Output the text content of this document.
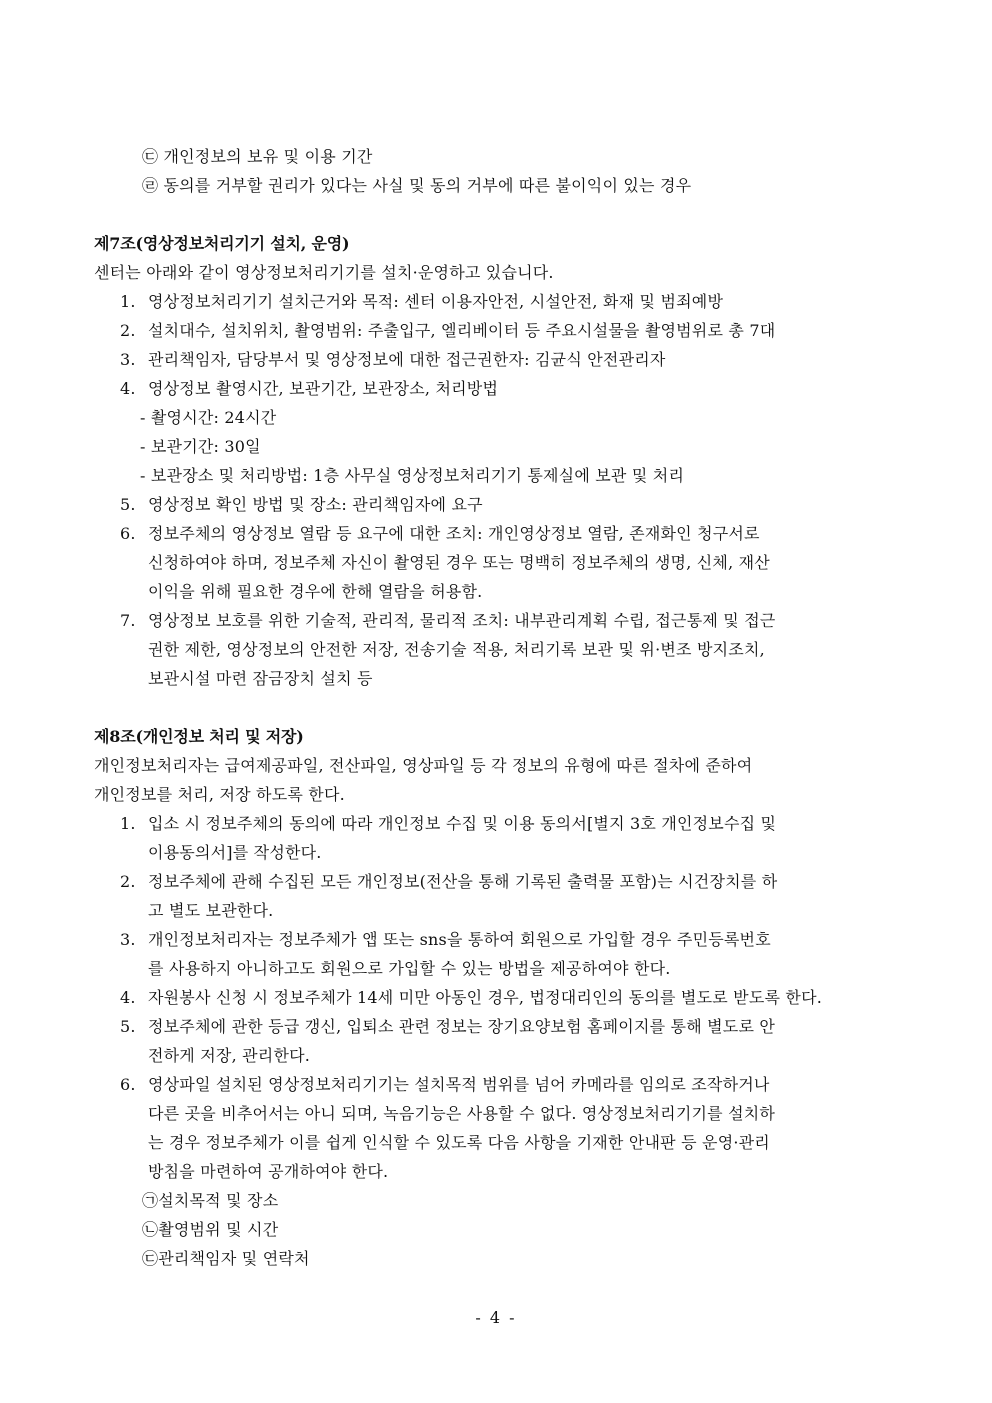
㉢ 개인정보의 보유 및 이용 기간
㉣ 동의를 거부할 권리가 있다는 사실 및 동의 거부에 따른 불이익이 있는 경우
제7조(영상정보처리기기 설치, 운영)
센터는 아래와 같이 영상정보처리기기를 설치·운영하고 있습니다.
1. 영상정보처리기기 설치근거와 목적: 센터 이용자안전, 시설안전, 화재 및 범죄예방
2. 설치대수, 설치위치, 촬영범위: 주출입구, 엘리베이터 등 주요시설물을 촬영범위로 총 7대
3. 관리책임자, 담당부서 및 영상정보에 대한 접근권한자: 김균식 안전관리자
4. 영상정보 촬영시간, 보관기간, 보관장소, 처리방법
- 촬영시간: 24시간
- 보관기간: 30일
- 보관장소 및 처리방법: 1층 사무실 영상정보처리기기 통제실에 보관 및 처리
5. 영상정보 확인 방법 및 장소: 관리책임자에 요구
6. 정보주체의 영상정보 열람 등 요구에 대한 조치: 개인영상정보 열람, 존재화인 청구서로
신청하여야 하며, 정보주체 자신이 촬영된 경우 또는 명백히 정보주체의 생명, 신체, 재산
이익을 위해 필요한 경우에 한해 열람을 허용함.
7. 영상정보 보호를 위한 기술적, 관리적, 물리적 조치: 내부관리계획 수립, 접근통제 및 접근
권한 제한, 영상정보의 안전한 저장, 전송기술 적용, 처리기록 보관 및 위·변조 방지조치,
보관시설 마련 잠금장치 설치 등
제8조(개인정보 처리 및 저장)
개인정보처리자는 급여제공파일, 전산파일, 영상파일 등 각 정보의 유형에 따른 절차에 준하여
개인정보를 처리, 저장 하도록 한다.
1. 입소 시 정보주체의 동의에 따라 개인정보 수집 및 이용 동의서[별지 3호 개인정보수집 및
이용동의서]를 작성한다.
2. 정보주체에 관해 수집된 모든 개인정보(전산을 통해 기록된 출력물 포함)는 시건장치를 하
고 별도 보관한다.
3. 개인정보처리자는 정보주체가 앱 또는 sns을 통하여 회원으로 가입할 경우 주민등록번호
를 사용하지 아니하고도 회원으로 가입할 수 있는 방법을 제공하여야 한다.
4. 자원봉사 신청 시 정보주체가 14세 미만 아동인 경우, 법정대리인의 동의를 별도로 받도록 한다.
5. 정보주체에 관한 등급 갱신, 입퇴소 관련 정보는 장기요양보험 홈페이지를 통해 별도로 안
전하게 저장, 관리한다.
6. 영상파일 설치된 영상정보처리기기는 설치목적 범위를 넘어 카메라를 임의로 조작하거나
다른 곳을 비추어서는 아니 되며, 녹음기능은 사용할 수 없다. 영상정보처리기기를 설치하
는 경우 정보주체가 이를 쉽게 인식할 수 있도록 다음 사항을 기재한 안내판 등 운영·관리
방침을 마련하여 공개하여야 한다.
㉠설치목적 및 장소
㉡촬영범위 및 시간
㉢관리책임자 및 연락처
- 4 -
